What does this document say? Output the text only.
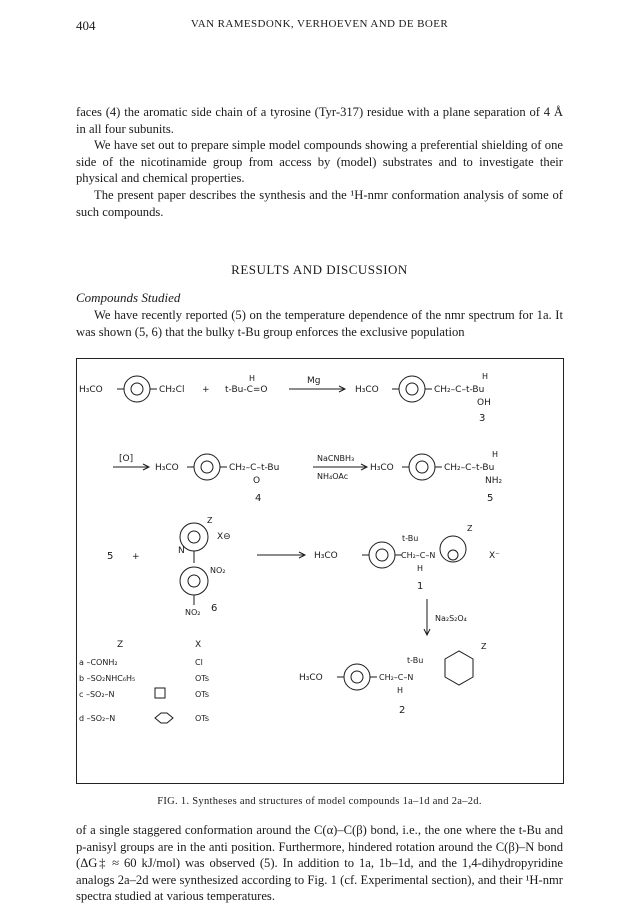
404	VAN RAMESDONK, VERHOEVEN AND DE BOER

faces (4) the aromatic side chain of a tyrosine (Tyr-317) residue with a plane separation of 4 Å in all four subunits.

We have set out to prepare simple model compounds showing a preferential shielding of one side of the nicotinamide group from access by (model) substrates and to investigate their physical and chemical properties.

The present paper describes the synthesis and the ¹H-nmr conformation analysis of some of such compounds.

RESULTS AND DISCUSSION
Compounds Studied

We have recently reported (5) on the temperature dependence of the nmr spectrum for 1a. It was shown (5, 6) that the bulky t-Bu group enforces the exclusive population

H₃CO	CH₂Cl + t-Bu-C=O
H	Mg
H₃CO	CH₂–C–t-Bu
H
OH
3
[O]
H₃CO	CH₂–C–t-Bu
O
4
NaCNBH₃
NH₄OAc
H₃CO	CH₂–C–t-Bu
H
NH₂
5
5 +
Z
X⊖
N
NO₂
NO₂ 6
H₃CO
t-Bu
CH₂–C–N
H
Z
X⁻
1
Na₂S₂O₄
Z	X
a –CONH₂	Cl
b –SO₂NHC₆H₅	OTs
c –SO₂–N	OTs
d –SO₂–N	OTs
H₃CO
t-Bu
CH₂–C–N
H
Z
2

FIG. 1. Syntheses and structures of model compounds 1a–1d and 2a–2d.

of a single staggered conformation around the C(α)–C(β) bond, i.e., the one where the t-Bu and p-anisyl groups are in the anti position. Furthermore, hindered rotation around the C(β)–N bond (ΔG‡ ≈ 60 kJ/mol) was observed (5). In addition to 1a, 1b–1d, and the 1,4-dihydropyridine analogs 2a–2d were synthesized according to Fig. 1 (cf. Experimental section), and their ¹H-nmr spectra studied at various temperatures.
